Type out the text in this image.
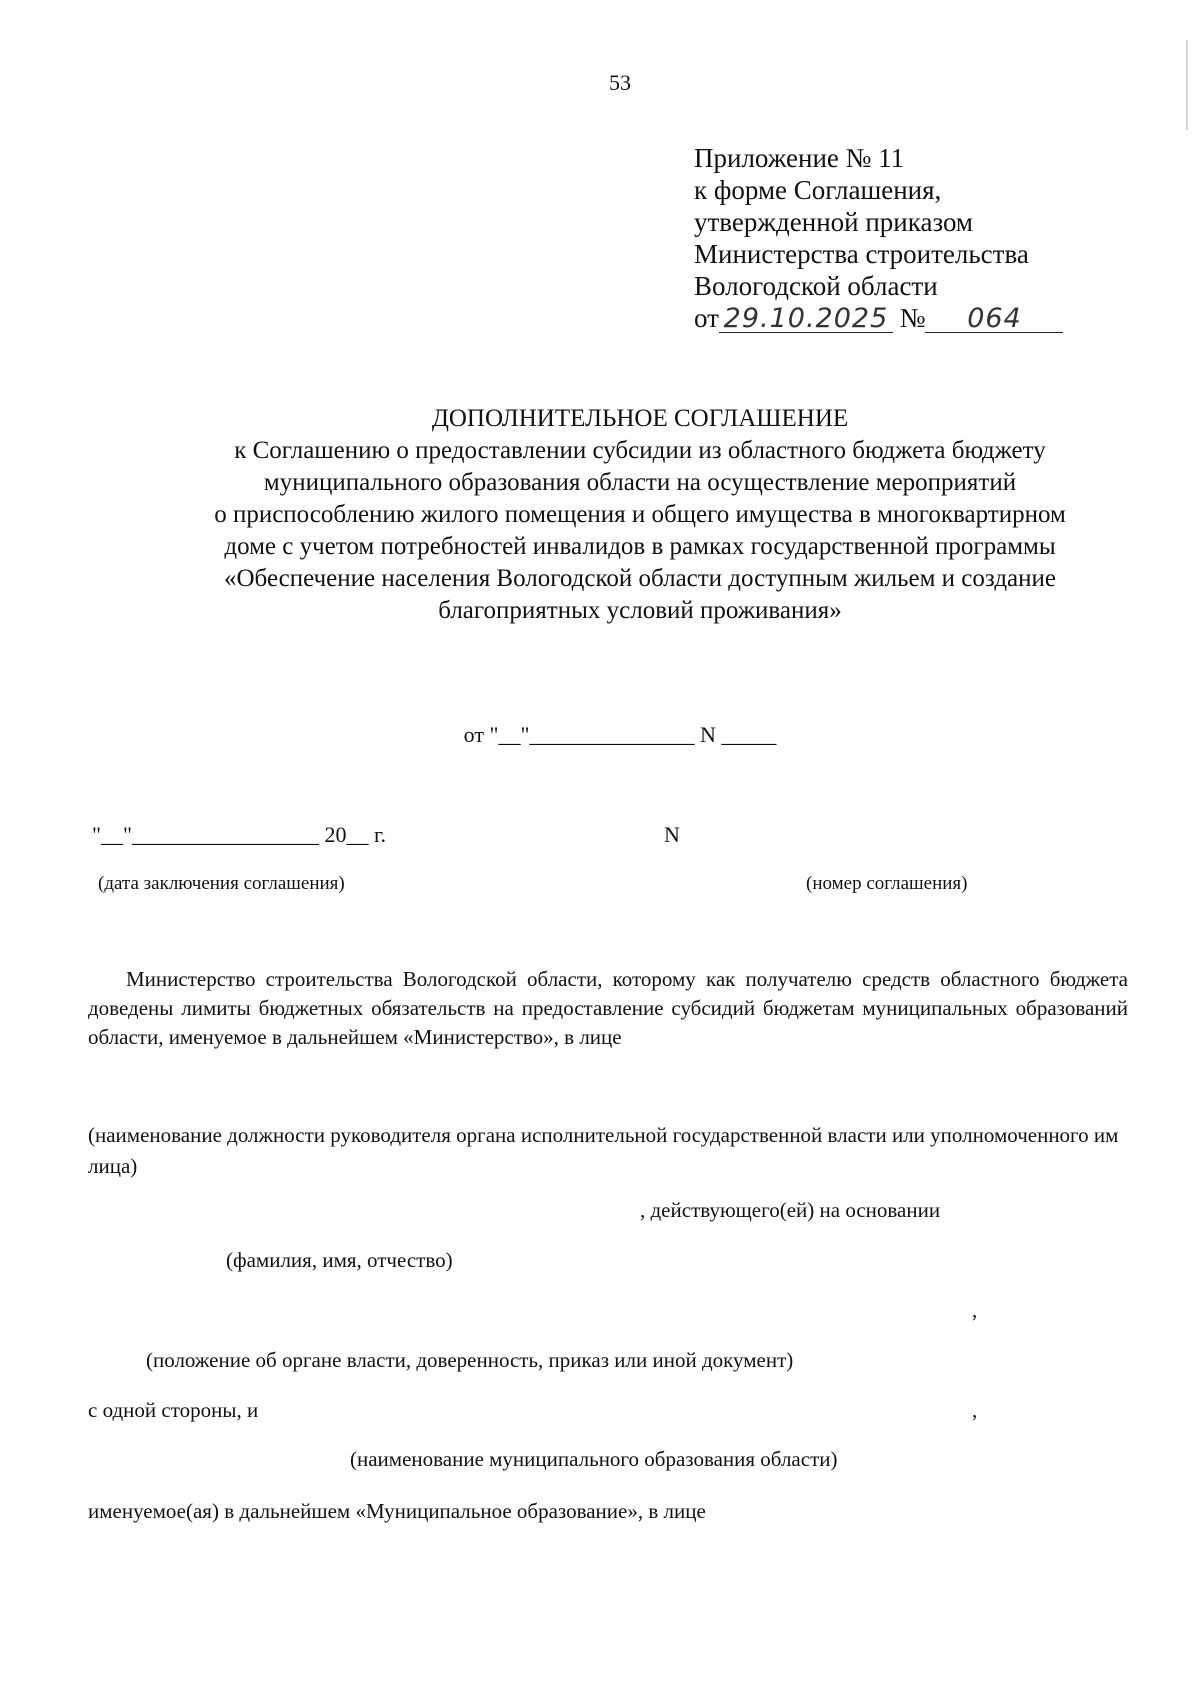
53
Приложение № 11
к форме Соглашения,
утвержденной приказом
Министерства строительства
Вологодской области
от 29.10.2025 № 064
ДОПОЛНИТЕЛЬНОЕ СОГЛАШЕНИЕ
к Соглашению о предоставлении субсидии из областного бюджета бюджету
муниципального образования области на осуществление мероприятий
о приспособлению жилого помещения и общего имущества в многоквартирном
доме с учетом потребностей инвалидов в рамках государственной программы
«Обеспечение населения Вологодской области доступным жильем и создание
благоприятных условий проживания»
от "__"_______________ N _____
"__"_________________ 20__ г.	N
(дата заключения соглашения)	(номер соглашения)
Министерство строительства Вологодской области, которому как получателю средств областного бюджета доведены лимиты бюджетных обязательств на предоставление субсидий бюджетам муниципальных образований области, именуемое в дальнейшем «Министерство», в лице
(наименование должности руководителя органа исполнительной государственной власти или уполномоченного им лица)
, действующего(ей) на основании
(фамилия, имя, отчество)
,
(положение об органе власти, доверенность, приказ или иной документ)
с одной стороны, и	,
(наименование муниципального образования области)
именуемое(ая) в дальнейшем «Муниципальное образование», в лице
